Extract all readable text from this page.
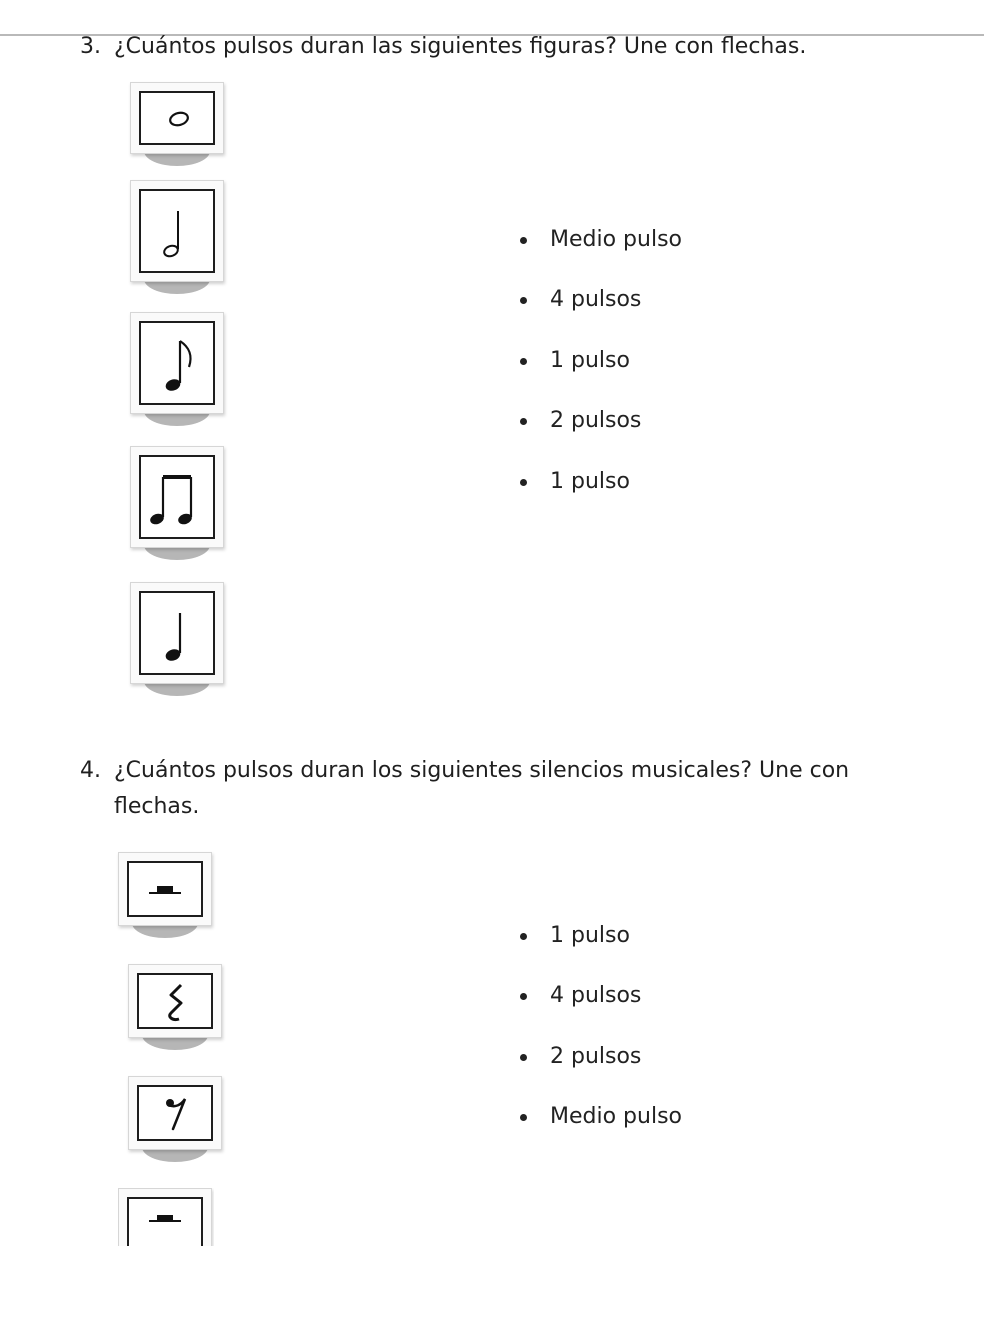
3. ¿Cuántos pulsos duran las siguientes figuras? Une con flechas.
Medio pulso
4 pulsos
1 pulso
2 pulsos
1 pulso
4. ¿Cuántos pulsos duran los siguientes silencios musicales? Une con
flechas.
1 pulso
4 pulsos
2 pulsos
Medio pulso
